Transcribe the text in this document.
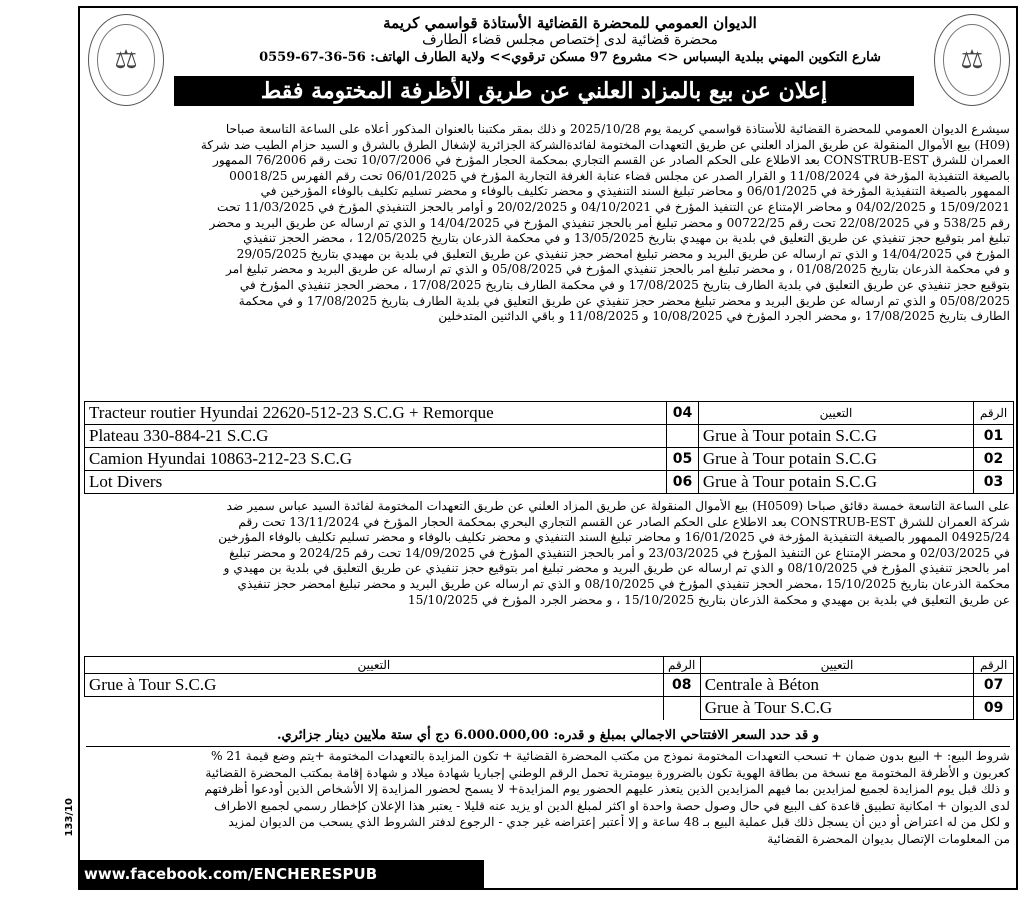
⚖	⚖
الديوان العمومي للمحضرة القضائية الأستاذة قواسمي كريمة
محضرة قضائية لدى إختصاص مجلس قضاء الطارف
شارع التكوين المهني ببلدية البسباس <> مشروع 97 مسكن ترقوي>> ولاية الطارف الهاتف: 56-36-67-0559
إعلان عن بيع بالمزاد العلني عن طريق الأظرفة المختومة فقط
سيشرع الديوان العمومي للمحضرة القضائية للأستاذة قواسمي كريمة يوم 2025/10/28 و ذلك بمقر مكتبنا بالعنوان المذكور أعلاه على الساعة التاسعة صباحا
(H09) بيع الأموال المنقولة عن طريق المزاد العلني عن طريق التعهدات المختومة لفائدةالشركة الجزائرية لإشغال الطرق بالشرق و السيد حزام الطيب ضد شركة
العمران للشرق CONSTRUB-EST بعد الاطلاع على الحكم الصادر عن القسم التجاري بمحكمة الحجار المؤرخ في 10/07/2006 تحت رقم 76/2006 الممهور
بالصيغة التنفيذية المؤرخة في 11/08/2024 و القرار الصدر عن مجلس قضاء عنابة الغرفة التجارية المؤرخ في 06/01/2025 تحت رقم الفهرس 00018/25
الممهور بالصيغة التنفيذية المؤرخة في 06/01/2025 و محاضر تبليغ السند التنفيذي و محضر تكليف بالوفاء و محضر تسليم تكليف بالوفاء المؤرخين في
15/09/2021 و 04/02/2025 و محاضر الإمتناع عن التنفيذ المؤرخ في 04/10/2021 و 20/02/2025 و أوامر بالحجز التنفيذي المؤرخ في 11/03/2025 تحت
رقم 538/25 و في 22/08/2025 تحت رقم 00722/25 و محضر تبليغ أمر بالحجز تنفيذي المؤرخ في 14/04/2025 و الذي تم ارساله عن طريق البريد و محضر
تبليغ امر بتوقيع حجز تنفيذي عن طريق التعليق في بلدية بن مهيدي بتاريخ 13/05/2025 و في محكمة الذرعان بتاريخ 12/05/2025 ، محضر الحجز تنفيذي
المؤرخ في 14/04/2025 و الذي تم ارساله عن طريق البريد و محضر تبليغ امحضر حجز تنفيذي عن طريق التعليق في بلدية بن مهيدي بتاريخ 29/05/2025
و في محكمة الذرعان بتاريخ 01/08/2025 ، و محضر تبليغ امر بالحجز تنفيذي المؤرخ في 05/08/2025 و الذي تم ارساله عن طريق البريد و محضر تبليغ امر
بتوقيع حجز تنفيذي عن طريق التعليق في بلدية الطارف بتاريخ 17/08/2025 و في محكمة الطارف بتاريخ 17/08/2025 ، محضر الحجز تنفيذي المؤرخ في
05/08/2025 و الذي تم ارساله عن طريق البريد و محضر تبليغ محضر حجز تنفيذي عن طريق التعليق في بلدية الطارف بتاريخ 17/08/2025 و في محكمة
الطارف بتاريخ 17/08/2025 ،و محضر الجرد المؤرخ في 10/08/2025 و 11/08/2025 و باقي الدائنين المتدخلين
Tracteur routier Hyundai 22620-512-23 S.C.G + Remorque	04	التعيين	الرقم
Plateau 330-884-21 S.C.G		Grue à Tour potain S.C.G	01
Camion Hyundai 10863-212-23 S.C.G	05	Grue à Tour potain S.C.G	02
Lot Divers	06	Grue à Tour potain S.C.G	03
على الساعة التاسعة خمسة دقائق صباحا (H0509) بيع الأموال المنقولة عن طريق المزاد العلني عن طريق التعهدات المختومة لفائدة السيد عباس سمير ضد
شركة العمران للشرق CONSTRUB-EST بعد الاطلاع على الحكم الصادر عن القسم التجاري البحري بمحكمة الحجار المؤرخ في 13/11/2024 تحت رقم
04925/24 الممهور بالصيغة التنفيذية المؤرخة في 16/01/2025 و محاضر تبليغ السند التنفيذي و محضر تكليف بالوفاء و محضر تسليم تكليف بالوفاء المؤرخين
في 02/03/2025 و محضر الإمتناع عن التنفيذ المؤرخ في 23/03/2025 و أمر بالحجز التنفيذي المؤرخ في 14/09/2025 تحت رقم 2024/25 و محضر تبليغ
امر بالحجز تنفيذي المؤرخ في 08/10/2025 و الذي تم ارساله عن طريق البريد و محضر تبليغ امر بتوقيع حجز تنفيذي عن طريق التعليق في بلدية بن مهيدي و
محكمة الذرعان بتاريخ 15/10/2025 ،محضر الحجز تنفيذي المؤرخ في 08/10/2025 و الذي تم ارساله عن طريق البريد و محضر تبليغ امحضر حجز تنفيذي
عن طريق التعليق في بلدية بن مهيدي و محكمة الذرعان بتاريخ 15/10/2025 ، و محضر الجرد المؤرخ في 15/10/2025
التعيين	الرقم	التعيين	الرقم
Grue à Tour S.C.G	08	Centrale à Béton	07
		Grue à Tour S.C.G	09
و قد حدد السعر الافتتاحي الاجمالي بمبلغ و قدره: 6.000.000,00 دج أي ستة ملايين دينار جزائري.
شروط البيع: + البيع بدون ضمان + تسحب التعهدات المختومة نموذج من مكتب المحضرة القضائية + تكون المزايدة بالتعهدات المختومة +يتم وضع قيمة 21 %
كعربون و الأظرفة المختومة مع نسخة من بطاقة الهوية تكون بالضرورة بيومترية تحمل الرقم الوطني إجباريا شهادة ميلاد و شهادة إقامة بمكتب المحضرة القضائية
و ذلك قبل يوم المزايدة لجميع لمزايدين بما فيهم المزايدين الذين يتعذر عليهم الحضور يوم المزايدة+ لا يسمح لحضور المزايدة إلا الأشخاص الذين أودعوا أظرفتهم
لدى الديوان + امكانية تطبيق قاعدة كف البيع في حال وصول حصة واحدة او اكثر لمبلغ الدين او يزيد عنه قليلا - يعتبر هذا الإعلان كإخطار رسمي لجميع الاطراف
و لكل من له اعتراض أو دين أن يسجل ذلك قبل عملية البيع بـ 48 ساعة و إلا أعتبر إعتراضه غير جدي - الرجوع لدفتر الشروط الذي يسحب من الديوان لمزيد
من المعلومات الإتصال بديوان المحضرة القضائية
133/10
www.facebook.com/ENCHERESPUB
